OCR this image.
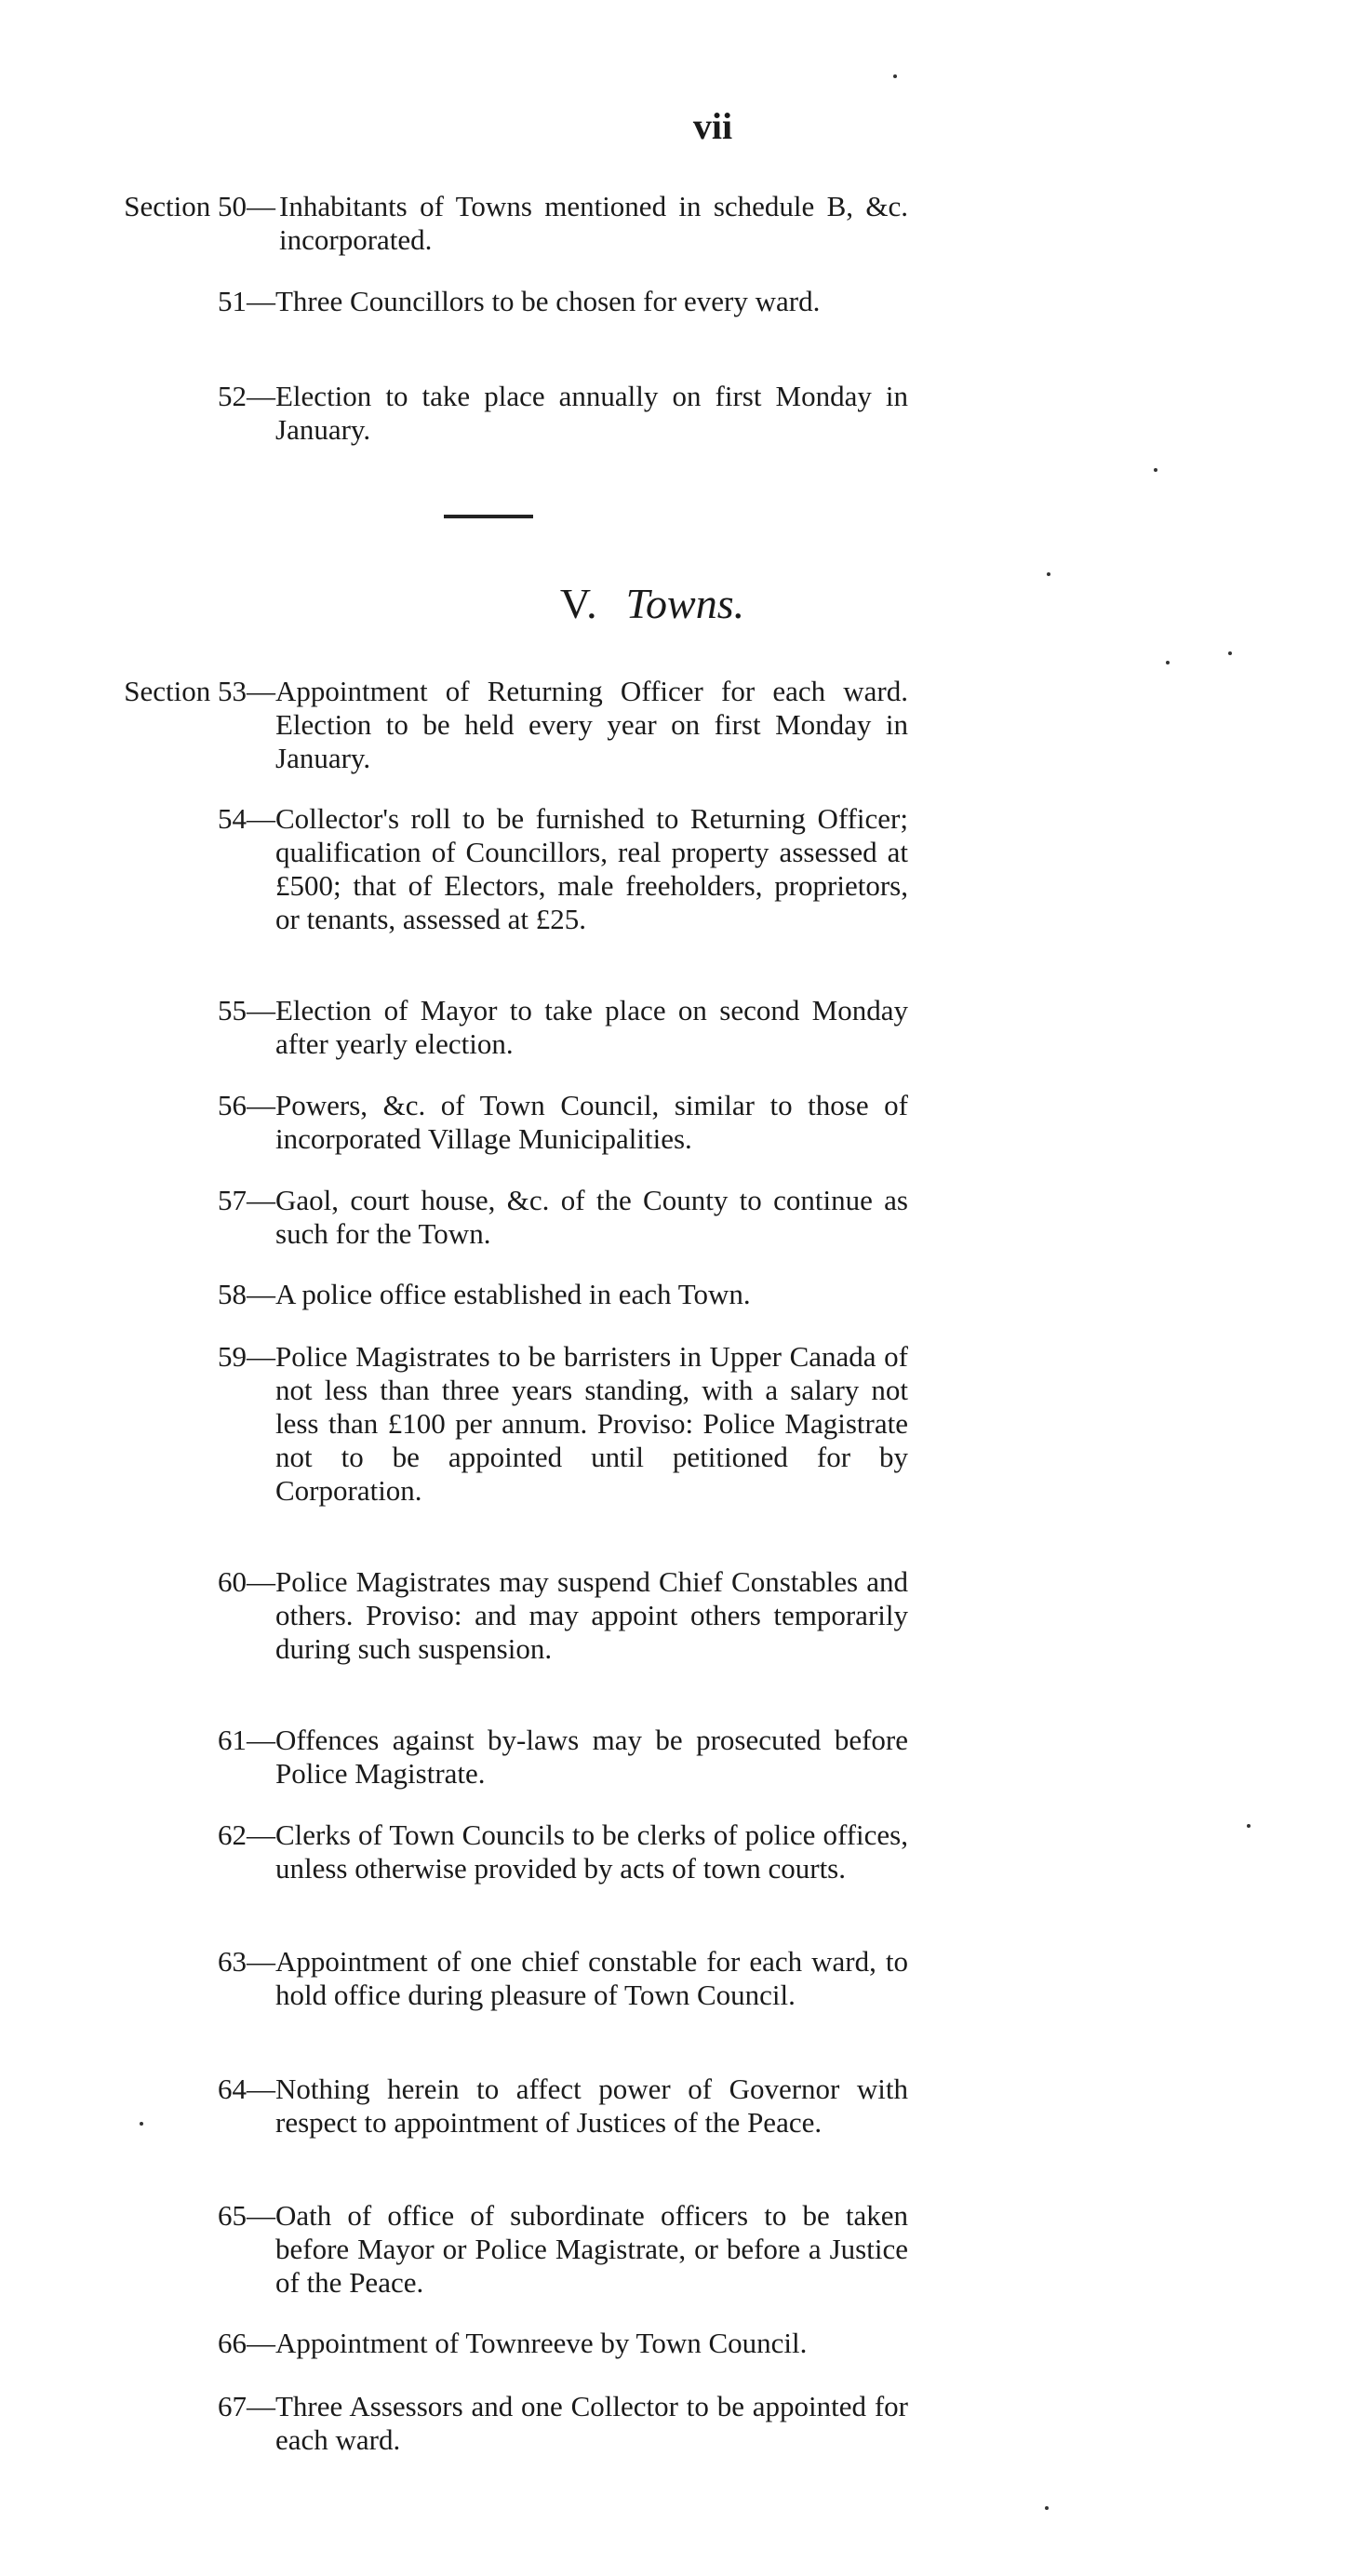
vii
Section 50— Inhabitants of Towns mentioned in schedule B, &c. incorporated.
51— Three Councillors to be chosen for every ward.
52— Election to take place annually on first Monday in January.
V. Towns.
Section 53— Appointment of Returning Officer for each ward. Election to be held every year on first Monday in January.
54— Collector's roll to be furnished to Returning Officer; qualification of Councillors, real property assessed at £500; that of Electors, male freeholders, proprietors, or tenants, assessed at £25.
55— Election of Mayor to take place on second Monday after yearly election.
56— Powers, &c. of Town Council, similar to those of incorporated Village Municipalities.
57— Gaol, court house, &c. of the County to continue as such for the Town.
58— A police office established in each Town.
59— Police Magistrates to be barristers in Upper Canada of not less than three years standing, with a salary not less than £100 per annum. Proviso: Police Magistrate not to be appointed until petitioned for by Corporation.
60— Police Magistrates may suspend Chief Constables and others. Proviso: and may appoint others temporarily during such suspension.
61— Offences against by-laws may be prosecuted before Police Magistrate.
62— Clerks of Town Councils to be clerks of police offices, unless otherwise provided by acts of town courts.
63— Appointment of one chief constable for each ward, to hold office during pleasure of Town Council.
64— Nothing herein to affect power of Governor with respect to appointment of Justices of the Peace.
65— Oath of office of subordinate officers to be taken before Mayor or Police Magistrate, or before a Justice of the Peace.
66— Appointment of Townreeve by Town Council.
67— Three Assessors and one Collector to be appointed for each ward.
